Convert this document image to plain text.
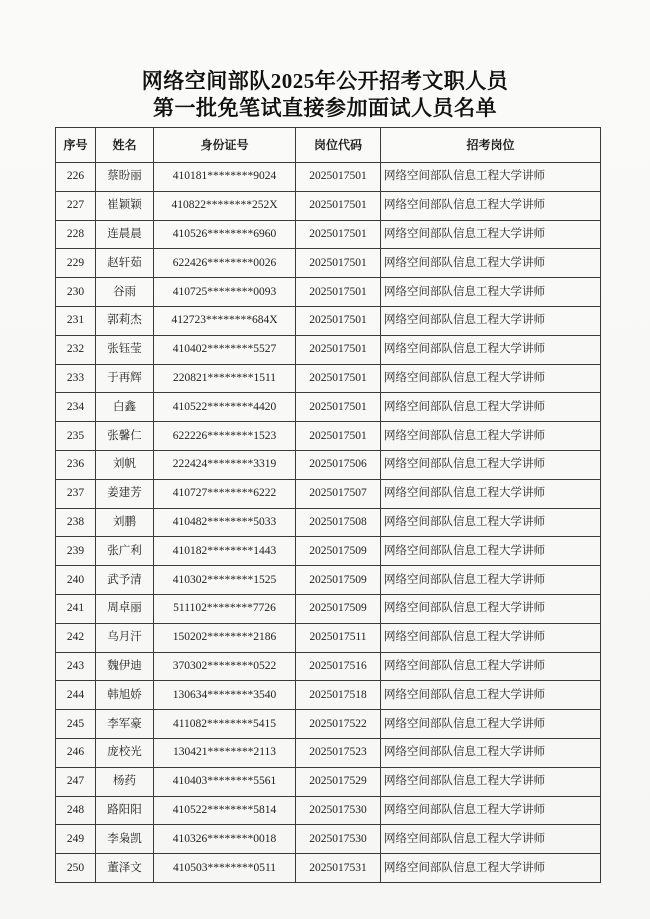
网络空间部队2025年公开招考文职人员
第一批免笔试直接参加面试人员名单
序号	姓名	身份证号	岗位代码	招考岗位
226	蔡盼丽	410181********9024	2025017501	网络空间部队信息工程大学讲师
227	崔颖颖	410822********252X	2025017501	网络空间部队信息工程大学讲师
228	连晨晨	410526********6960	2025017501	网络空间部队信息工程大学讲师
229	赵轩茹	622426********0026	2025017501	网络空间部队信息工程大学讲师
230	谷雨	410725********0093	2025017501	网络空间部队信息工程大学讲师
231	郭莉杰	412723********684X	2025017501	网络空间部队信息工程大学讲师
232	张钰莹	410402********5527	2025017501	网络空间部队信息工程大学讲师
233	于再辉	220821********1511	2025017501	网络空间部队信息工程大学讲师
234	白鑫	410522********4420	2025017501	网络空间部队信息工程大学讲师
235	张馨仁	622226********1523	2025017501	网络空间部队信息工程大学讲师
236	刘帆	222424********3319	2025017506	网络空间部队信息工程大学讲师
237	姜建芳	410727********6222	2025017507	网络空间部队信息工程大学讲师
238	刘鹏	410482********5033	2025017508	网络空间部队信息工程大学讲师
239	张广利	410182********1443	2025017509	网络空间部队信息工程大学讲师
240	武予清	410302********1525	2025017509	网络空间部队信息工程大学讲师
241	周卓丽	511102********7726	2025017509	网络空间部队信息工程大学讲师
242	乌月汗	150202********2186	2025017511	网络空间部队信息工程大学讲师
243	魏伊迪	370302********0522	2025017516	网络空间部队信息工程大学讲师
244	韩旭娇	130634********3540	2025017518	网络空间部队信息工程大学讲师
245	李军豪	411082********5415	2025017522	网络空间部队信息工程大学讲师
246	庞校光	130421********2113	2025017523	网络空间部队信息工程大学讲师
247	杨药	410403********5561	2025017529	网络空间部队信息工程大学讲师
248	路阳阳	410522********5814	2025017530	网络空间部队信息工程大学讲师
249	李枭凯	410326********0018	2025017530	网络空间部队信息工程大学讲师
250	董泽文	410503********0511	2025017531	网络空间部队信息工程大学讲师
